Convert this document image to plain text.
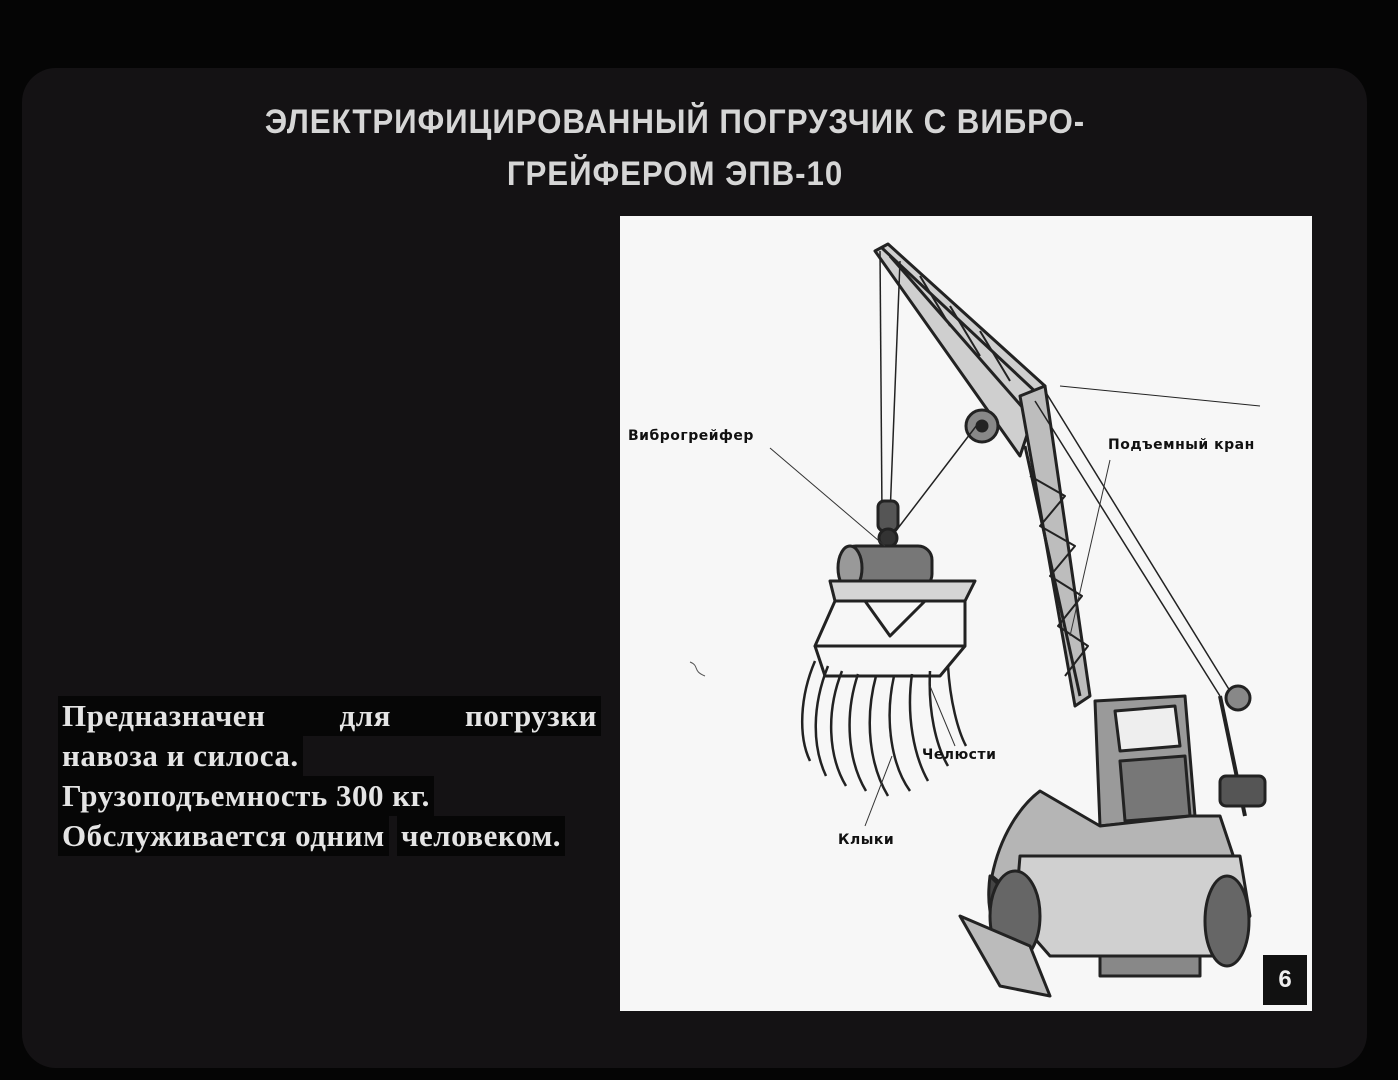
ЭЛЕКТРИФИЦИРОВАННЫЙ ПОГРУЗЧИК С ВИБРО-
ГРЕЙФЕРОМ ЭПВ-10
Предназначен для погрузки
навоза и силоса. Грузоподъемность 300 кг. Обслуживается одним человеком.
Виброгрейфер
Подъемный кран
Челюсти
Клыки
6
